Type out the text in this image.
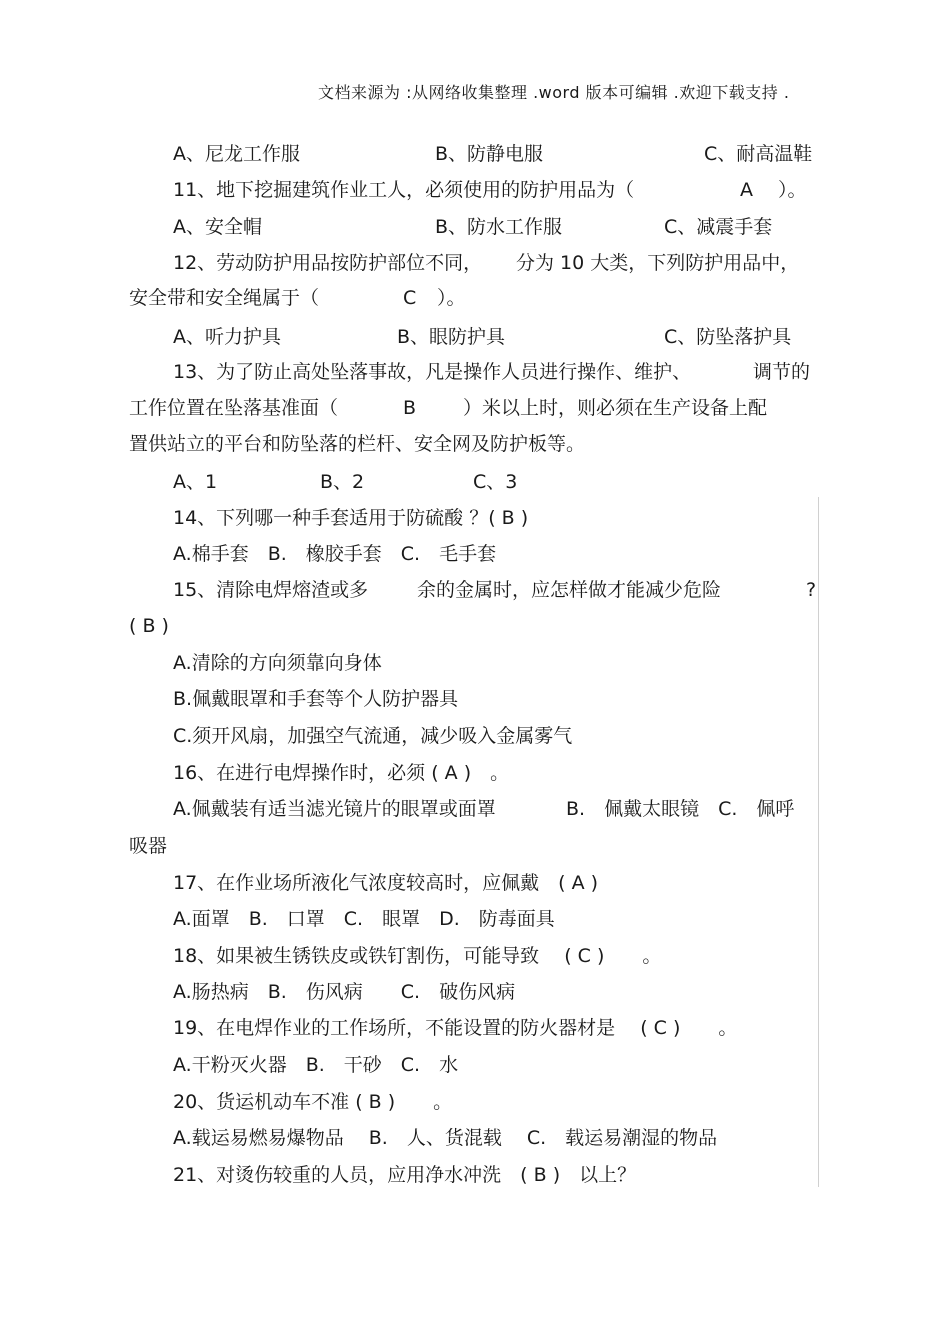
文档来源为 :从网络收集整理 .word 版本可编辑 .欢迎下载支持 .
A、尼龙工作服	B、防静电服	C、耐高温鞋
11、地下挖掘建筑作业工人，必须使用的防护用品为（	A ）。
A、安全帽	B、防水工作服	C、减震手套
12、劳动防护用品按防护部位不同， 分为 10 大类，下列防护用品中，
安全带和安全绳属于（	C ）。
A、听力护具	B、眼防护具	C、防坠落护具
13、为了防止高处坠落事故，凡是操作人员进行操作、维护、	调节的
工作位置在坠落基准面（	B ）米以上时，则必须在生产设备上配
置供站立的平台和防坠落的栏杆、安全网及防护板等。
A、1	B、2	C、3
14、下列哪一种手套适用于防硫酸 ？( B )
A.棉手套　B.　橡胶手套　C.　毛手套
15、清除电焊熔渣或多	余的金属时，应怎样做才能减少危险	?
( B )
A.清除的方向须靠向身体
B.佩戴眼罩和手套等个人防护器具
C.须开风扇，加强空气流通，减少吸入金属雾气
16、在进行电焊操作时，必须 ( A )　。
A.佩戴装有适当滤光镜片的眼罩或面罩	B.　佩戴太眼镜　C.　佩呼
吸器
17、在作业场所液化气浓度较高时，应佩戴　( A )
A.面罩　B.　口罩　C.　眼罩　D.　防毒面具
18、如果被生锈铁皮或铁钉割伤，可能导致　 ( C )　　。
A.肠热病　B.　伤风病　　C.　破伤风病
19、在电焊作业的工作场所，不能设置的防火器材是　 ( C )　　。
A.干粉灭火器　B.　干砂　C.　水
20、货运机动车不准 ( B )　　。
A.载运易燃易爆物品　 B.　人、货混载　 C.　载运易潮湿的物品
21、对烫伤较重的人员，应用净水冲洗　( B )　以上？
